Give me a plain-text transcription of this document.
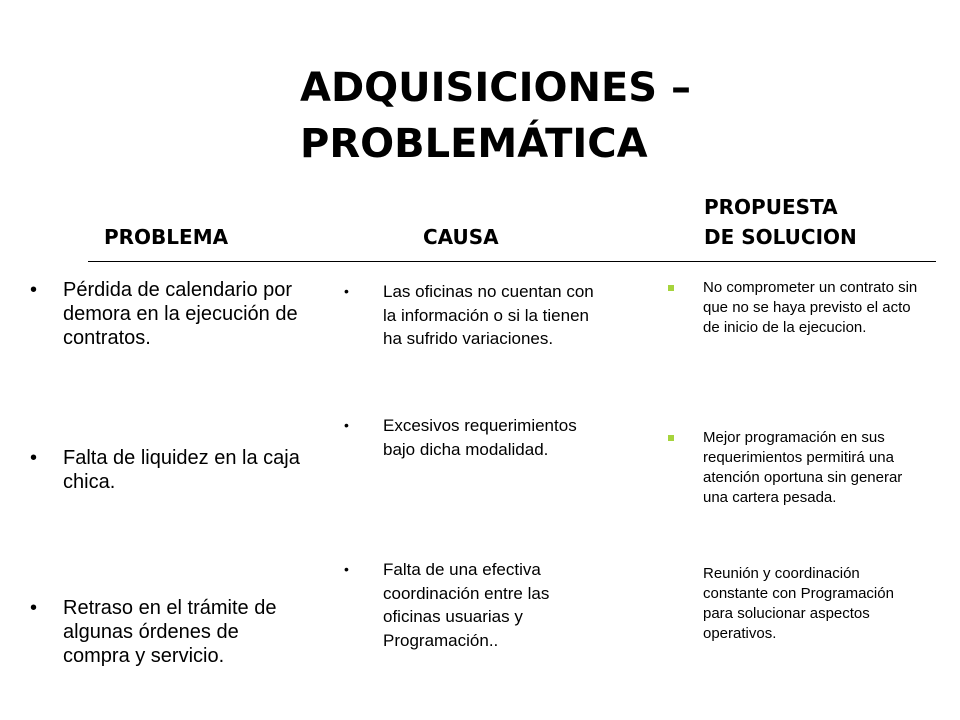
ADQUISICIONES –
PROBLEMÁTICA
PROBLEMA	CAUSA
PROPUESTA
DE SOLUCION
• Pérdida de calendario por demora en la ejecución de contratos.
• Falta de liquidez en la caja chica.
• Retraso en el trámite de algunas órdenes de compra y servicio.
• Las oficinas no cuentan con la información o si la tienen ha sufrido variaciones.
• Excesivos requerimientos bajo dicha modalidad.
• Falta de una efectiva coordinación entre las oficinas usuarias y Programación..
No comprometer un contrato sin que no se haya previsto el acto de inicio de la ejecucion.
Mejor programación en sus requerimientos permitirá una atención oportuna sin generar una cartera pesada.
Reunión y coordinación constante con Programación para solucionar aspectos operativos.
